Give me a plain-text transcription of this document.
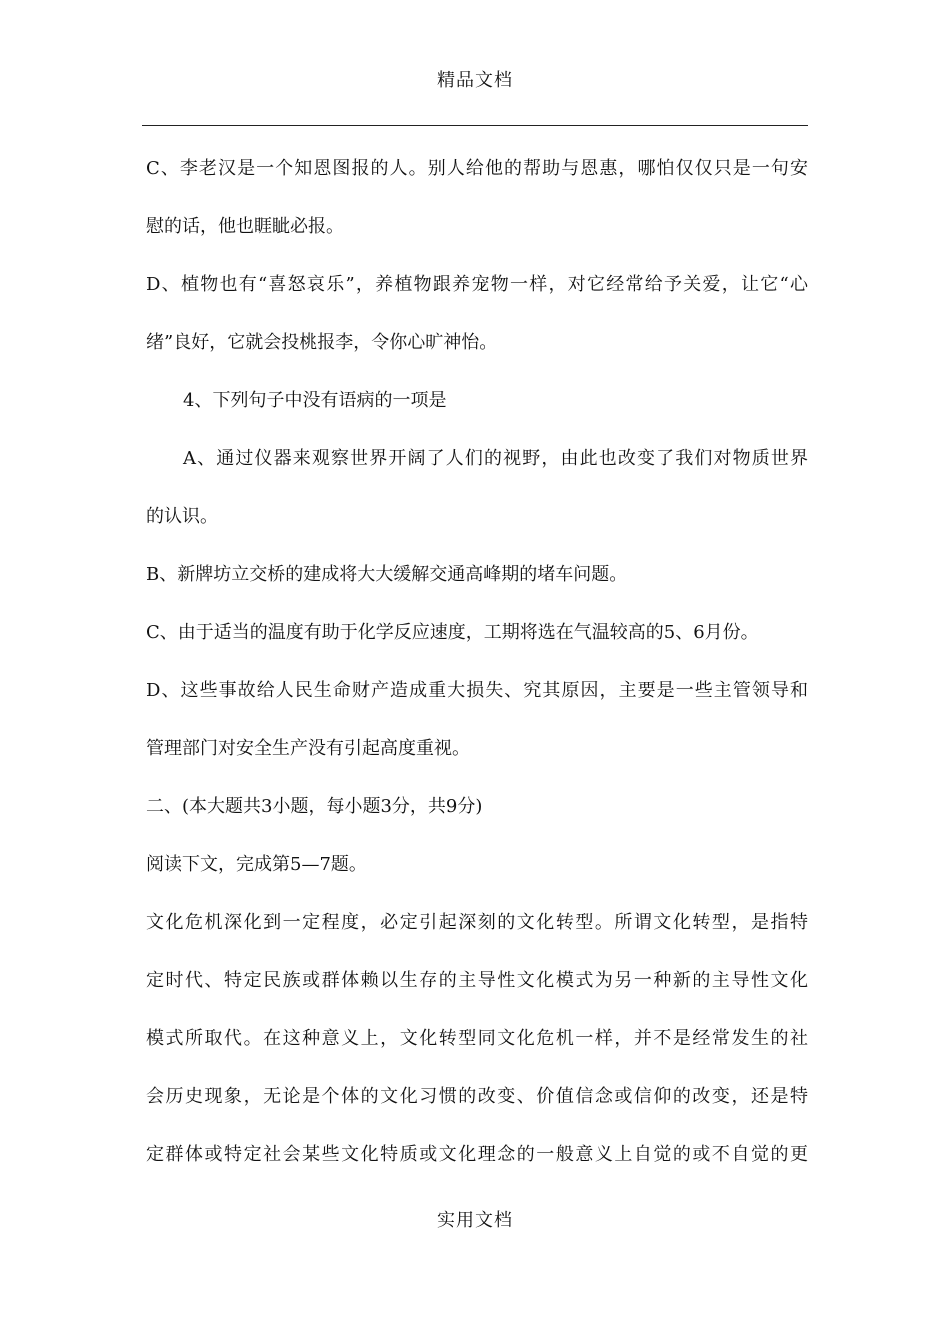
精品文档
C、李老汉是一个知恩图报的人。别人给他的帮助与恩惠，哪怕仅仅只是一句安
慰的话，他也睚眦必报。
D、植物也有“喜怒哀乐”，养植物跟养宠物一样，对它经常给予关爱，让它“心
绪”良好，它就会投桃报李，令你心旷神怡。
4、下列句子中没有语病的一项是
A、通过仪器来观察世界开阔了人们的视野，由此也改变了我们对物质世界
的认识。
B、新牌坊立交桥的建成将大大缓解交通高峰期的堵车问题。
C、由于适当的温度有助于化学反应速度，工期将选在气温较高的5、6月份。
D、这些事故给人民生命财产造成重大损失、究其原因，主要是一些主管领导和
管理部门对安全生产没有引起高度重视。
二、(本大题共3小题，每小题3分，共9分)
阅读下文，完成第5—7题。
文化危机深化到一定程度，必定引起深刻的文化转型。所谓文化转型，是指特
定时代、特定民族或群体赖以生存的主导性文化模式为另一种新的主导性文化
模式所取代。在这种意义上，文化转型同文化危机一样，并不是经常发生的社
会历史现象，无论是个体的文化习惯的改变、价值信念或信仰的改变，还是特
定群体或特定社会某些文化特质或文化理念的一般意义上自觉的或不自觉的更
实用文档
